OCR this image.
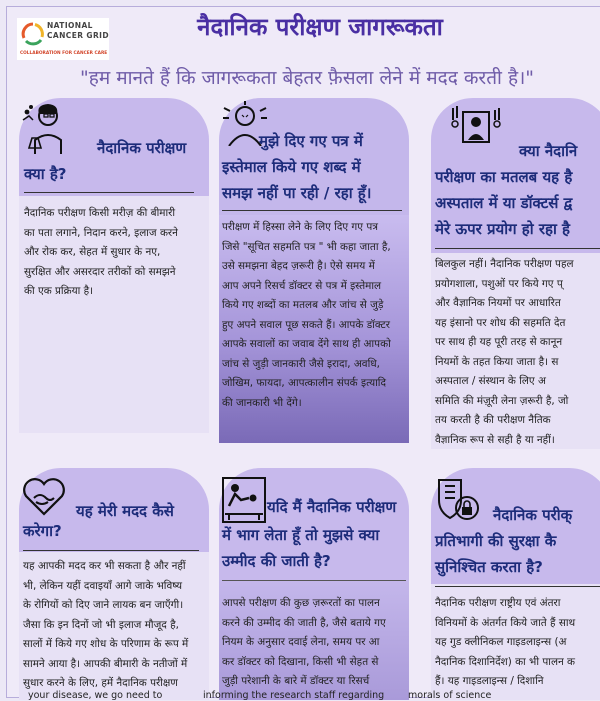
NATIONAL CANCER GRID
COLLABORATION FOR CANCER CARE
नैदानिक परीक्षण जागरूकता
"हम मानते हैं कि जागरूकता बेहतर फ़ैसला लेने में मदद करती है।"
नैदानिक परीक्षण
क्या है?
नैदानिक परीक्षण किसी मरीज़ की बीमारी
का पता लगाने, निदान करने, इलाज करने
और रोक कर, सेहत में सुधार के नए,
सुरक्षित और असरदार तरीकों को समझने
की एक प्रक्रिया है।
मुझे दिए गए पत्र में
इस्तेमाल किये गए शब्द में
समझ नहीं पा रही / रहा हूँ।
परीक्षण में हिस्सा लेने के लिए दिए गए पत्र
जिसे "सूचित सहमति पत्र " भी कहा जाता है,
उसे समझना बेहद ज़रूरी है। ऐसे समय में
आप अपने रिसर्च डॉक्टर से पत्र में इस्तेमाल
किये गए शब्दों का मतलब और जांच से जुड़े
हुए अपने सवाल पूछ सकते हैं। आपके डॉक्टर
आपके सवालों का जवाब देंगे साथ ही आपको
जांच से जुड़ी जानकारी जैसे इरादा, अवधि,
जोखिम, फायदा, आपत्कालीन संपर्क इत्यादि
की जानकारी भी देंगे।
क्या नैदानि
परीक्षण का मतलब यह है
अस्पताल में या डॉक्टर्स द्व
मेरे ऊपर प्रयोग हो रहा है
बिलकुल नहीं। नैदानिक परीक्षण पहल
प्रयोगशाला, पशुओं पर किये गए प्
और वैज्ञानिक नियमों पर आधारित
यह इंसानो पर शोध की सहमति देत
पर साथ ही यह पूरी तरह से कानून
नियमों के तहत किया जाता है। स
अस्पताल / संस्थान के लिए अ
समिति की मंज़ूरी लेना ज़रूरी है, जो
तय करती है की परीक्षण नैतिक
वैज्ञानिक रूप से सही है या नहीं।
यह मेरी मदद कैसे
करेगा?
यह आपकी मदद कर भी सकता है और नहीं
भी, लेकिन यहीं दवाइयाँ आगे जाके भविष्य
के रोगियों को दिए जाने लायक बन जाएँगी।
जैसा कि इन दिनों जो भी इलाज मौजूद है,
सालों में किये गए शोध के परिणाम के रूप में
सामने आया है। आपकी बीमारी के नतीजों में
सुधार करने के लिए, हमें नैदानिक परीक्षण
यदि मैं नैदानिक परीक्षण
में भाग लेता हूँ तो मुझसे क्या
उम्मीद की जाती है?
आपसे परीक्षण की कुछ ज़रूरतों का पालन
करने की उम्मीद की जाती है, जैसे बताये गए
नियम के अनुसार दवाई लेना, समय पर आ
कर डॉक्टर को दिखाना, किसी भी सेहत से
जुड़ी परेशानी के बारे में डॉक्टर या रिसर्च
नैदानिक परीक्
प्रतिभागी की सुरक्षा कै
सुनिश्चित करता है?
नैदानिक परीक्षण राष्ट्रीय एवं अंतरा
विनियमों के अंतर्गत किये जाते हैं साथ
यह गुड क्लीनिकल गाइडलाइन्स (अ
नैदानिक दिशानिर्देश) का भी पालन क
हैं। यह गाइडलाइन्स / दिशानि
your disease, we go need to	informing the research staff regarding	morals of science
